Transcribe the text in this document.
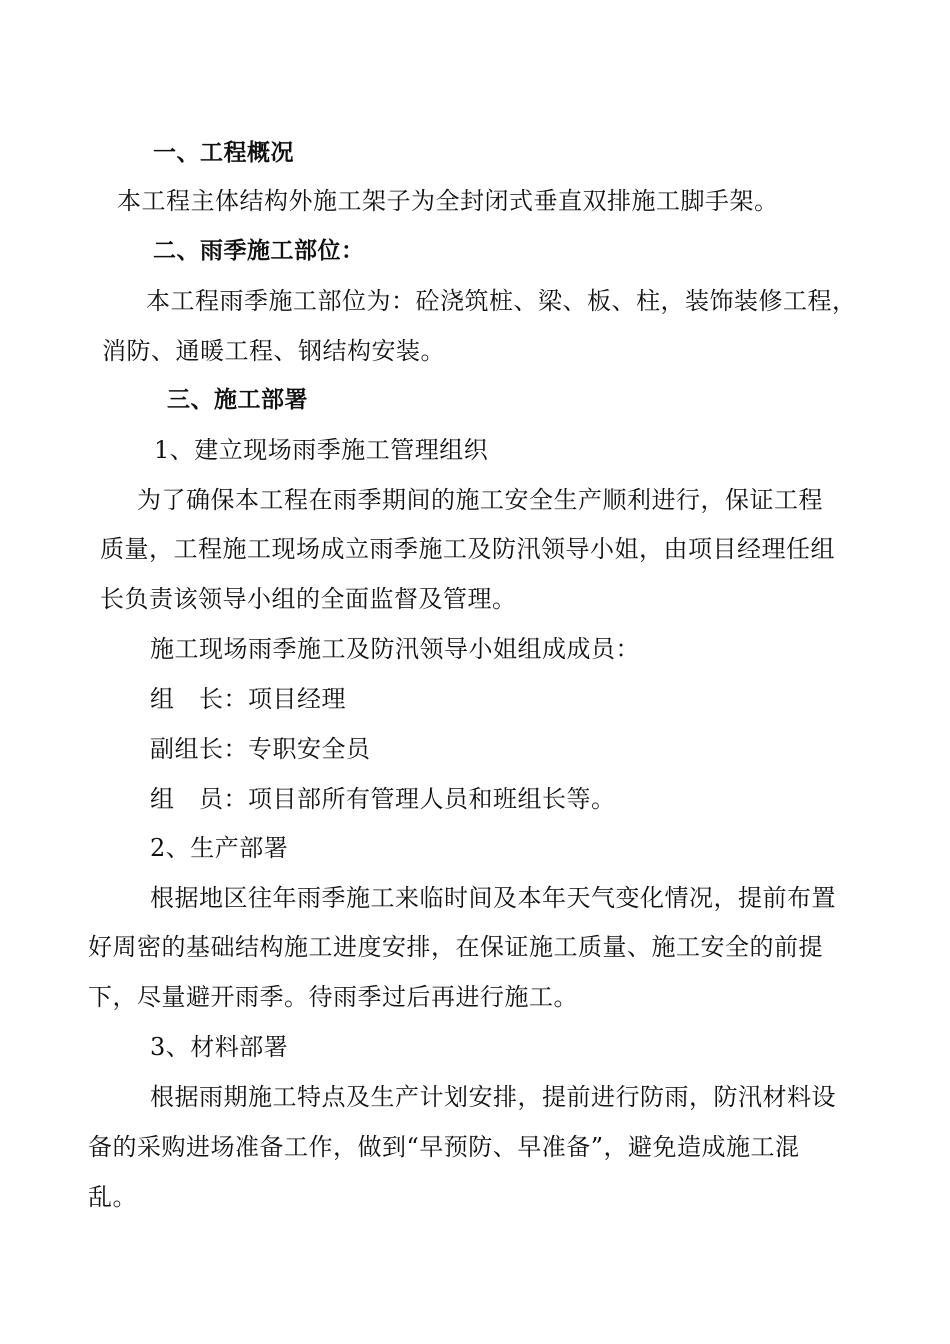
一、工程概况
本工程主体结构外施工架子为全封闭式垂直双排施工脚手架。
二、雨季施工部位：
本工程雨季施工部位为：砼浇筑桩、梁、板、柱，装饰装修工程，
消防、通暖工程、钢结构安装。
三、施工部署
1、建立现场雨季施工管理组织
为了确保本工程在雨季期间的施工安全生产顺利进行，保证工程
质量，工程施工现场成立雨季施工及防汛领导小姐，由项目经理任组
长负责该领导小组的全面监督及管理。
施工现场雨季施工及防汛领导小姐组成成员：
组　长：项目经理
副组长：专职安全员
组　员：项目部所有管理人员和班组长等。
2、生产部署
根据地区往年雨季施工来临时间及本年天气变化情况，提前布置
好周密的基础结构施工进度安排，在保证施工质量、施工安全的前提
下，尽量避开雨季。待雨季过后再进行施工。
3、材料部署
根据雨期施工特点及生产计划安排，提前进行防雨，防汛材料设
备的采购进场准备工作，做到“早预防、早准备”，避免造成施工混
乱。
